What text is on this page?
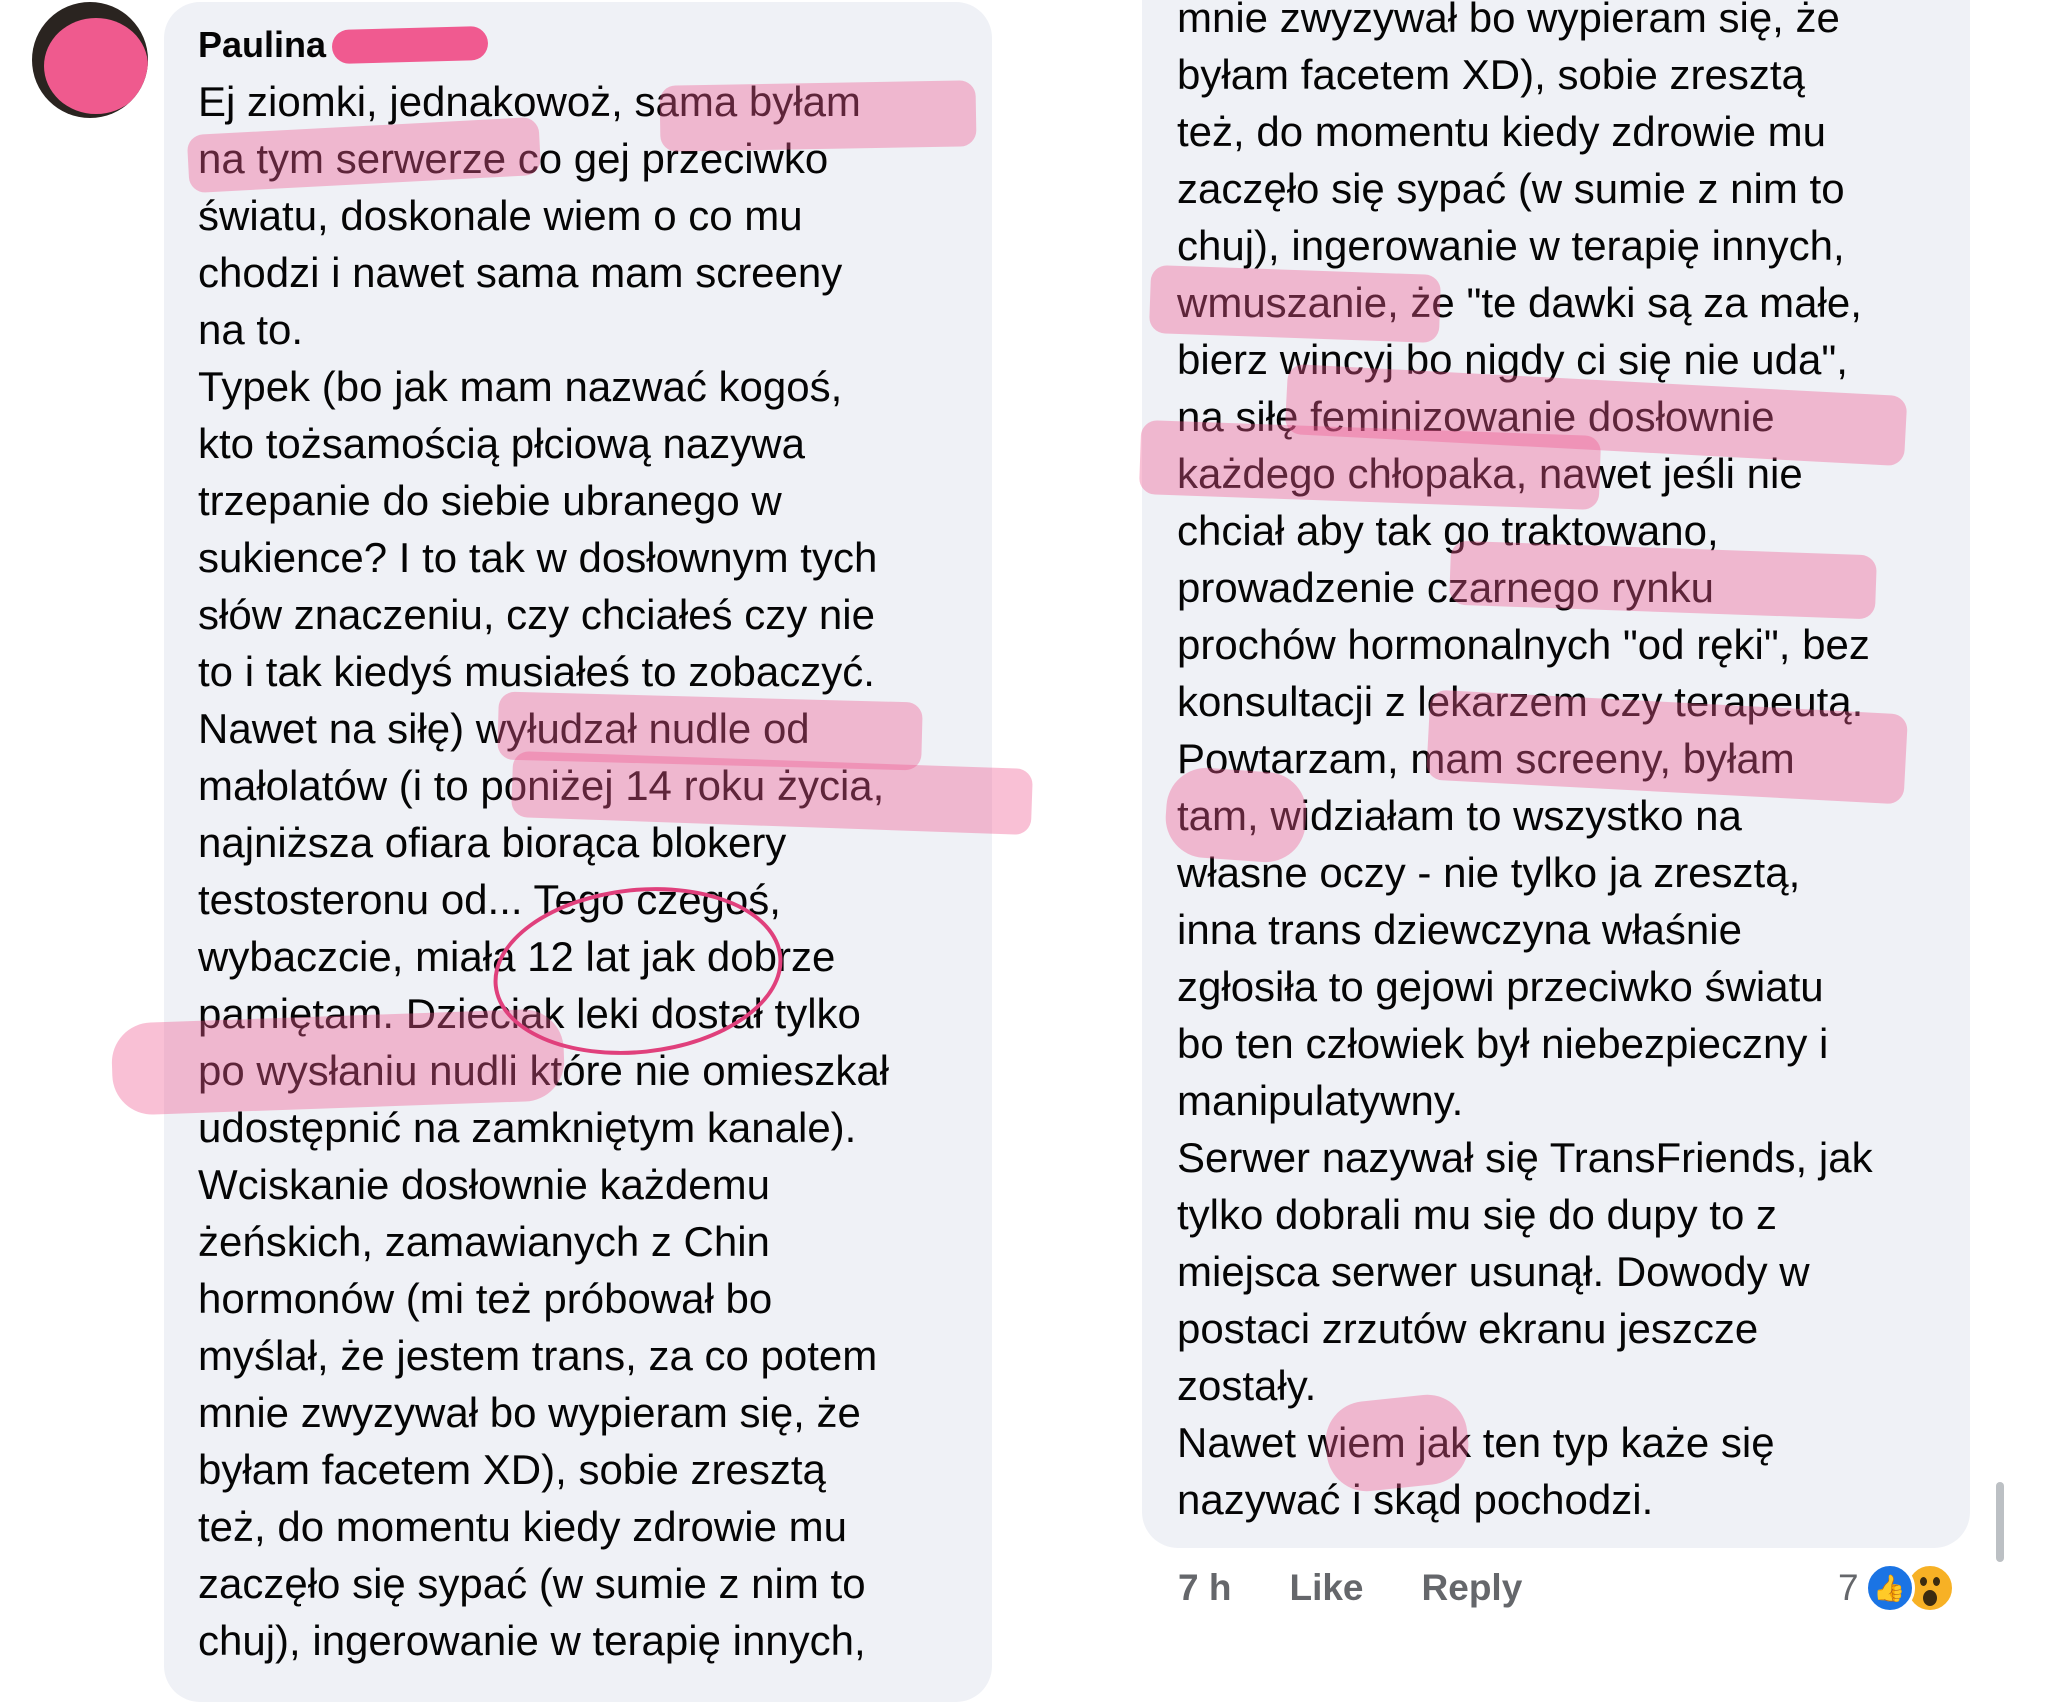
Paulina
Ej ziomki, jednakowoż, sama byłam
na tym serwerze co gej przeciwko
światu, doskonale wiem o co mu
chodzi i nawet sama mam screeny
na to.
Typek (bo jak mam nazwać kogoś,
kto tożsamością płciową nazywa
trzepanie do siebie ubranego w
sukience? I to tak w dosłownym tych
słów znaczeniu, czy chciałeś czy nie
to i tak kiedyś musiałeś to zobaczyć.
Nawet na siłę) wyłudzał nudle od
małolatów (i to poniżej 14 roku życia,
najniższa ofiara biorąca blokery
testosteronu od... Tego czegoś,
wybaczcie, miała 12 lat jak dobrze
pamiętam. Dzieciak leki dostał tylko
po wysłaniu nudli które nie omieszkał
udostępnić na zamkniętym kanale).
Wciskanie dosłownie każdemu
żeńskich, zamawianych z Chin
hormonów (mi też próbował bo
myślał, że jestem trans, za co potem
mnie zwyzywał bo wypieram się, że
byłam facetem XD), sobie zresztą
też, do momentu kiedy zdrowie mu
zaczęło się sypać (w sumie z nim to
chuj), ingerowanie w terapię innych,
mnie zwyzywał bo wypieram się, że
byłam facetem XD), sobie zresztą
też, do momentu kiedy zdrowie mu
zaczęło się sypać (w sumie z nim to
chuj), ingerowanie w terapię innych,
wmuszanie, że "te dawki są za małe,
bierz wincyj bo nigdy ci się nie uda",
na siłę feminizowanie dosłownie
każdego chłopaka, nawet jeśli nie
chciał aby tak go traktowano,
prowadzenie czarnego rynku
prochów hormonalnych "od ręki", bez
konsultacji z lekarzem czy terapeutą.
Powtarzam, mam screeny, byłam
tam, widziałam to wszystko na
własne oczy - nie tylko ja zresztą,
inna trans dziewczyna właśnie
zgłosiła to gejowi przeciwko światu
bo ten człowiek był niebezpieczny i
manipulatywny.
Serwer nazywał się TransFriends, jak
tylko dobrali mu się do dupy to z
miejsca serwer usunął. Dowody w
postaci zrzutów ekranu jeszcze
zostały.
Nawet wiem jak ten typ każe się
nazywać i skąd pochodzi.
7 h Like Reply	7 👍
